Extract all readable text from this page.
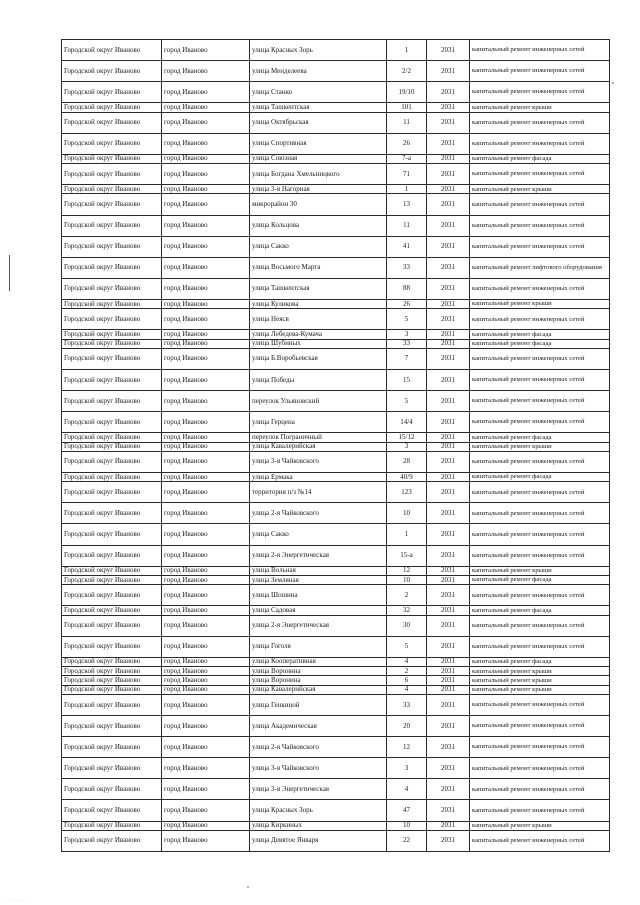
··········
Городской округ Иваново	город Иваново	улица Красных Зорь	1	2031	капитальный ремонт инженерных сетей
Городской округ Иваново	город Иваново	улица Менделеева	2/2	2031	капитальный ремонт инженерных сетей
Городской округ Иваново	город Иваново	улица Станко	19/10	2031	капитальный ремонт инженерных сетей
Городской округ Иваново	город Иваново	улица Ташкентская	101	2031	капитальный ремонт крыши
Городской округ Иваново	город Иваново	улица Октябрьская	11	2031	капитальный ремонт инженерных сетей
Городской округ Иваново	город Иваново	улица Спортивная	26	2031	капитальный ремонт инженерных сетей
Городской округ Иваново	город Иваново	улица Союзная	7-а	2031	капитальный ремонт фасада
Городской округ Иваново	город Иваново	улица Богдана Хмельницкого	71	2031	капитальный ремонт инженерных сетей
Городской округ Иваново	город Иваново	улица 3-я Нагорная	1	2031	капитальный ремонт крыши
Городской округ Иваново	город Иваново	микрорайон 30	13	2031	капитальный ремонт инженерных сетей
Городской округ Иваново	город Иваново	улица Кольцова	11	2031	капитальный ремонт инженерных сетей
Городской округ Иваново	город Иваново	улица Сакко	41	2031	капитальный ремонт инженерных сетей
Городской округ Иваново	город Иваново	улица Восьмого Марта	33	2031	капитальный ремонт лифтового оборудования
Городской округ Иваново	город Иваново	улица Ташкентская	88	2031	капитальный ремонт инженерных сетей
Городской округ Иваново	город Иваново	улица Куликова	26	2031	капитальный ремонт крыши
Городской округ Иваново	город Иваново	улица Неясв	5	2031	капитальный ремонт инженерных сетей
Городской округ Иваново	город Иваново	улица Лебедева-Кумача	3	2031	капитальный ремонт фасада
Городской округ Иваново	город Иваново	улица Шубиных	33	2031	капитальный ремонт фасада
Городской округ Иваново	город Иваново	улица Б.Воробьевская	7	2031	капитальный ремонт инженерных сетей
Городской округ Иваново	город Иваново	улица Победы	15	2031	капитальный ремонт инженерных сетей
Городской округ Иваново	город Иваново	переулок Ульяновский	5	2031	капитальный ремонт инженерных сетей
Городской округ Иваново	город Иваново	улица Герцена	14/4	2031	капитальный ремонт инженерных сетей
Городской округ Иваново	город Иваново	переулок Пограничный	15/12	2031	капитальный ремонт фасада
Городской округ Иваново	город Иваново	улица Кавалерийская	3	2031	капитальный ремонт крыши
Городской округ Иваново	город Иваново	улица 3-я Чайковского	28	2031	капитальный ремонт инженерных сетей
Городской округ Иваново	город Иваново	улица Ермака	40/9	2031	капитальный ремонт фасада
Городской округ Иваново	город Иваново	территория п/з №14	123	2031	капитальный ремонт инженерных сетей
Городской округ Иваново	город Иваново	улица 2-я Чайковского	10	2031	капитальный ремонт инженерных сетей
Городской округ Иваново	город Иваново	улица Сакко	1	2031	капитальный ремонт инженерных сетей
Городской округ Иваново	город Иваново	улица 2-я Энергетическая	15-а	2031	капитальный ремонт инженерных сетей
Городской округ Иваново	город Иваново	улица Вольная	12	2031	капитальный ремонт крыши
Городской округ Иваново	город Иваново	улица Земляная	10	2031	капитальный ремонт фасада
Городской округ Иваново	город Иваново	улица Шошина	2	2031	капитальный ремонт инженерных сетей
Городской округ Иваново	город Иваново	улица Садовая	32	2031	капитальный ремонт фасада
Городской округ Иваново	город Иваново	улица 2-я Энергетическая	30	2031	капитальный ремонт инженерных сетей
Городской округ Иваново	город Иваново	улица Гоголя	5	2031	капитальный ремонт инженерных сетей
Городской округ Иваново	город Иваново	улица Кооперативная	4	2031	капитальный ремонт фасада
Городской округ Иваново	город Иваново	улица Воронина	2	2031	капитальный ремонт крыши
Городской округ Иваново	город Иваново	улица Воронина	6	2031	капитальный ремонт крыши
Городской округ Иваново	город Иваново	улица Кавалерийская	4	2031	капитальный ремонт крыши
Городской округ Иваново	город Иваново	улица Генкиной	33	2031	капитальный ремонт инженерных сетей
Городской округ Иваново	город Иваново	улица Академическая	20	2031	капитальный ремонт инженерных сетей
Городской округ Иваново	город Иваново	улица 2-я Чайковского	12	2031	капитальный ремонт инженерных сетей
Городской округ Иваново	город Иваново	улица 3-я Чайковского	3	2031	капитальный ремонт инженерных сетей
Городской округ Иваново	город Иваново	улица 3-я Энергетическая	4	2031	капитальный ремонт инженерных сетей
Городской округ Иваново	город Иваново	улица Красных Зорь	47	2031	капитальный ремонт инженерных сетей
Городской округ Иваново	город Иваново	улица Киркиных	10	2031	капитальный ремонт крыши
Городской округ Иваново	город Иваново	улица Девятое Января	22	2031	капитальный ремонт инженерных сетей
